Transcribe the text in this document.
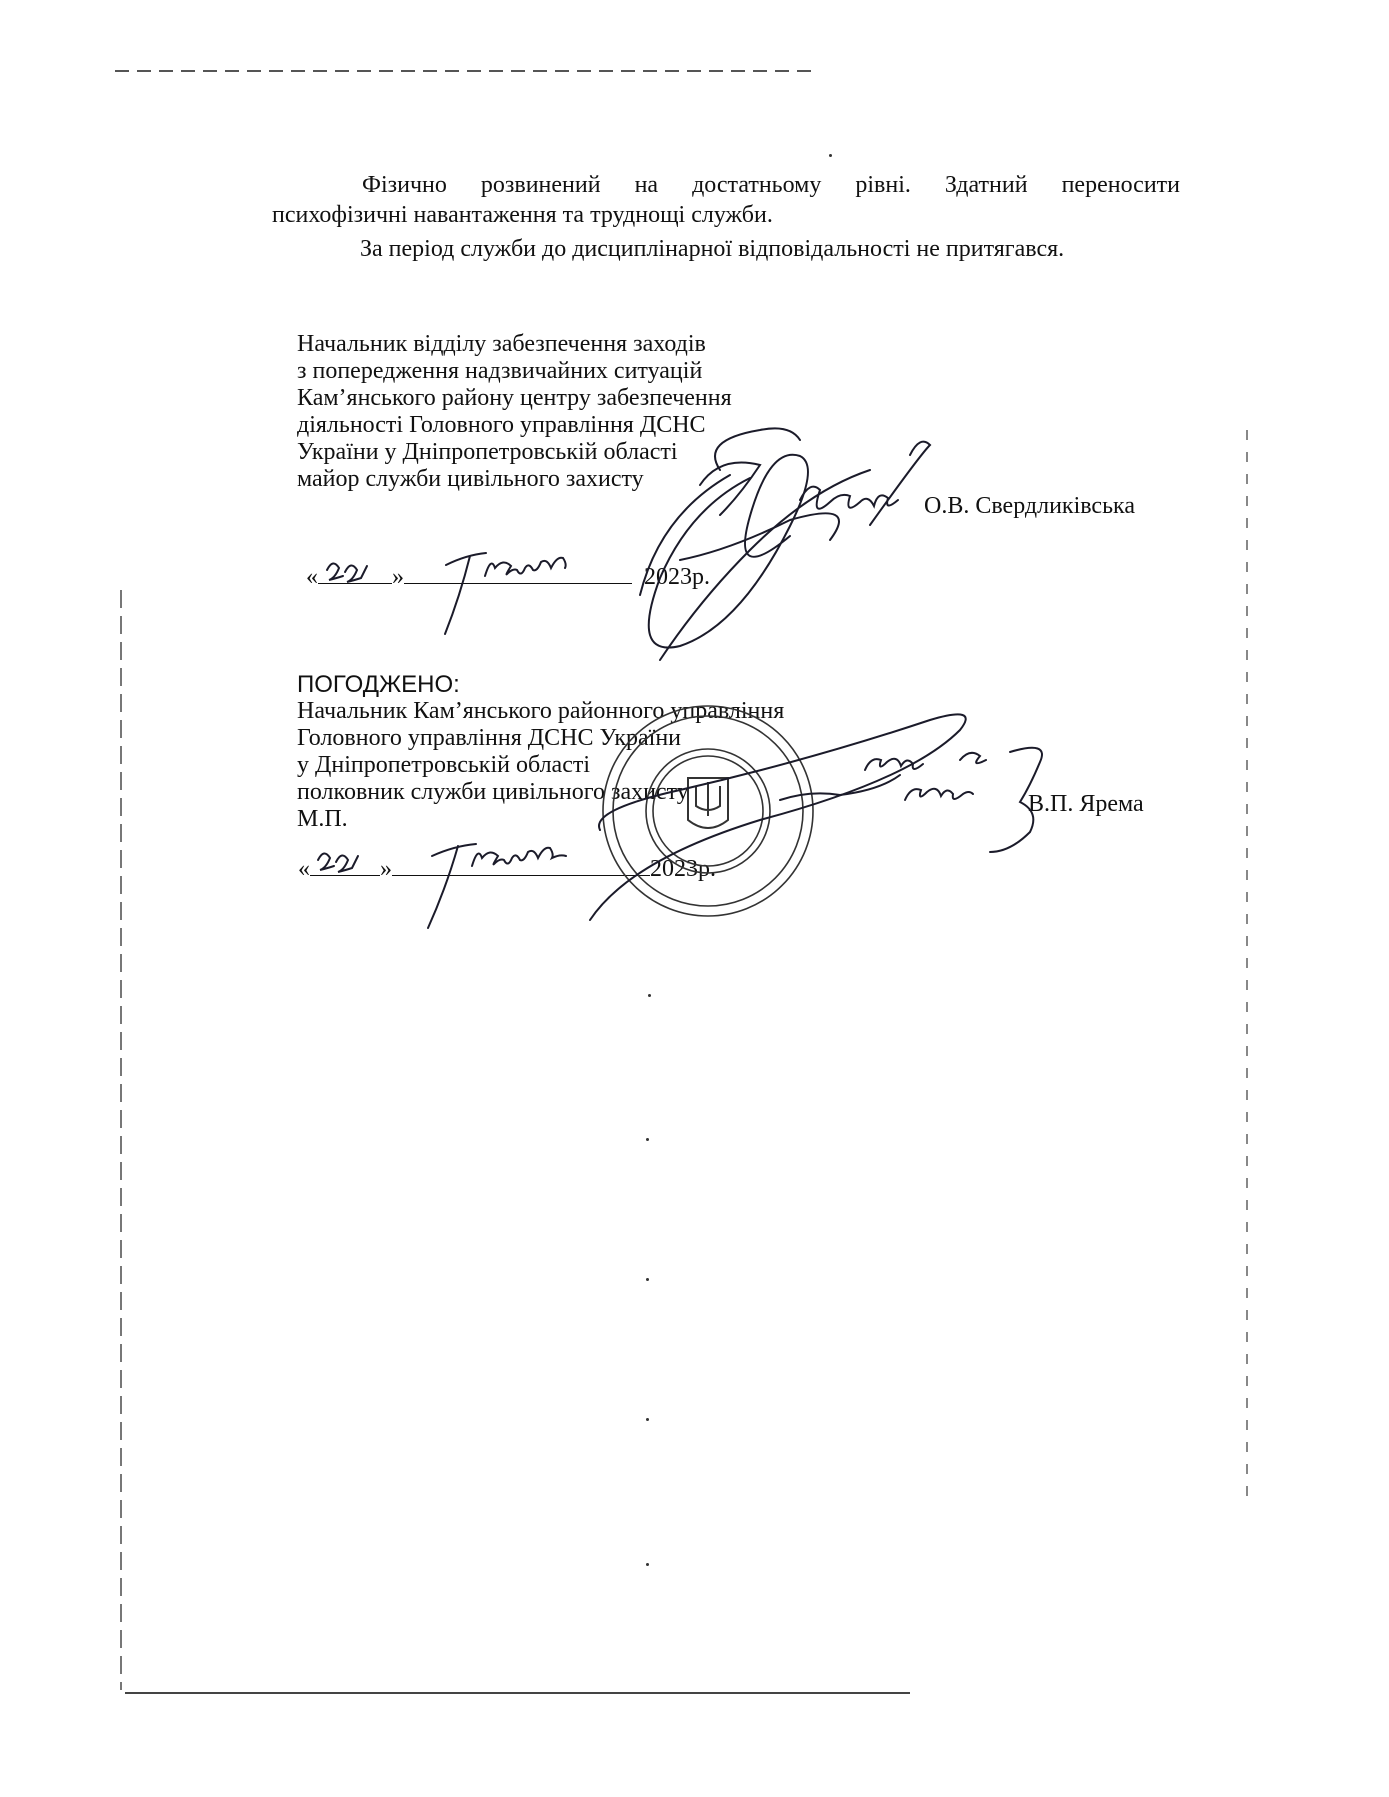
Фізично розвинений на достатньому рівні. Здатний переносити
психофізичні навантаження та труднощі служби.
За період служби до дисциплінарної відповідальності не притягався.
Начальник відділу забезпечення заходів
з попередження надзвичайних ситуацій
Кам’янського району центру забезпечення
діяльності Головного управління ДСНС
України у Дніпропетровській області
майор служби цивільного захисту
О.В. Свердликівська
«	»	2023р.
ПОГОДЖЕНО:
Начальник Кам’янського районного управління
Головного управління ДСНС України
у Дніпропетровській області
полковник служби цивільного захисту
М.П.
В.П. Ярема
«	»	2023р.
